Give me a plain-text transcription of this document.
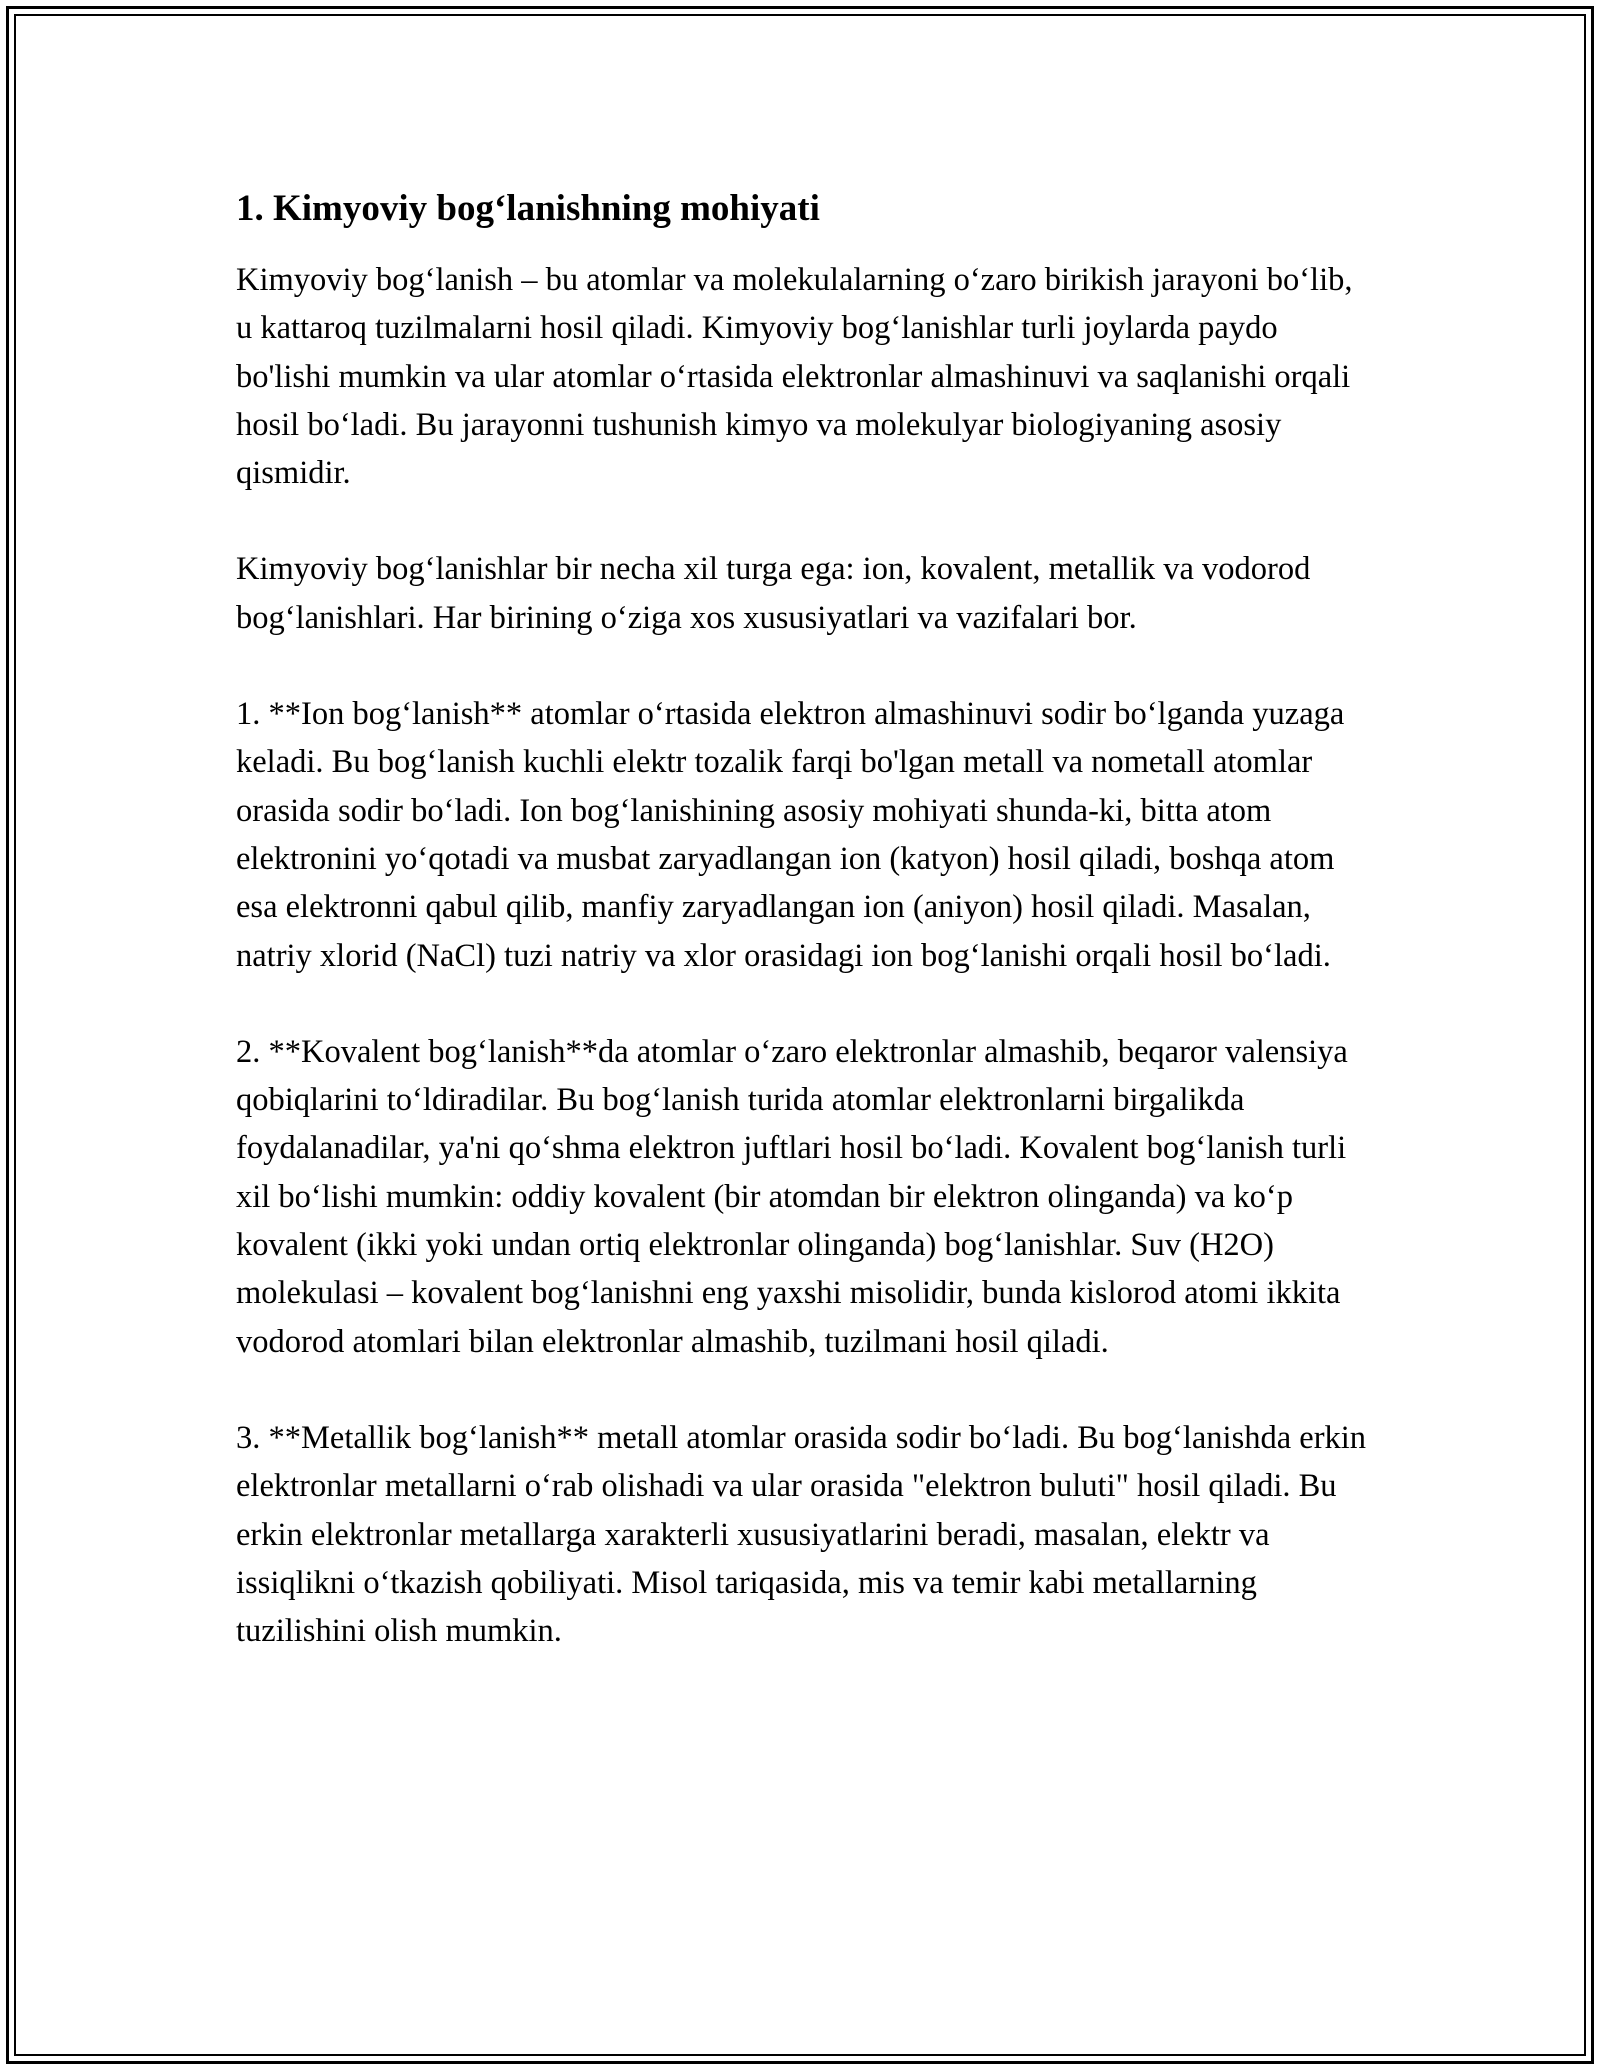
1. Kimyoviy bog‘lanishning mohiyati

Kimyoviy bog‘lanish – bu atomlar va molekulalarning o‘zaro birikish jarayoni bo‘lib, u kattaroq tuzilmalarni hosil qiladi. Kimyoviy bog‘lanishlar turli joylarda paydo bo'lishi mumkin va ular atomlar o‘rtasida elektronlar almashinuvi va saqlanishi orqali hosil bo‘ladi. Bu jarayonni tushunish kimyo va molekulyar biologiyaning asosiy qismidir.

Kimyoviy bog‘lanishlar bir necha xil turga ega: ion, kovalent, metallik va vodorod bog‘lanishlari. Har birining o‘ziga xos xususiyatlari va vazifalari bor.

1. **Ion bog‘lanish** atomlar o‘rtasida elektron almashinuvi sodir bo‘lganda yuzaga keladi. Bu bog‘lanish kuchli elektr tozalik farqi bo'lgan metall va nometall atomlar orasida sodir bo‘ladi. Ion bog‘lanishining asosiy mohiyati shunda-ki, bitta atom elektronini yo‘qotadi va musbat zaryadlangan ion (katyon) hosil qiladi, boshqa atom esa elektronni qabul qilib, manfiy zaryadlangan ion (aniyon) hosil qiladi. Masalan, natriy xlorid (NaCl) tuzi natriy va xlor orasidagi ion bog‘lanishi orqali hosil bo‘ladi.

2. **Kovalent bog‘lanish**da atomlar o‘zaro elektronlar almashib, beqaror valensiya qobiqlarini to‘ldiradilar. Bu bog‘lanish turida atomlar elektronlarni birgalikda foydalanadilar, ya'ni qo‘shma elektron juftlari hosil bo‘ladi. Kovalent bog‘lanish turli xil bo‘lishi mumkin: oddiy kovalent (bir atomdan bir elektron olinganda) va ko‘p kovalent (ikki yoki undan ortiq elektronlar olinganda) bog‘lanishlar. Suv (H2O) molekulasi – kovalent bog‘lanishni eng yaxshi misolidir, bunda kislorod atomi ikkita vodorod atomlari bilan elektronlar almashib, tuzilmani hosil qiladi.

3. **Metallik bog‘lanish** metall atomlar orasida sodir bo‘ladi. Bu bog‘lanishda erkin elektronlar metallarni o‘rab olishadi va ular orasida "elektron buluti" hosil qiladi. Bu erkin elektronlar metallarga xarakterli xususiyatlarini beradi, masalan, elektr va issiqlikni o‘tkazish qobiliyati. Misol tariqasida, mis va temir kabi metallarning tuzilishini olish mumkin.
